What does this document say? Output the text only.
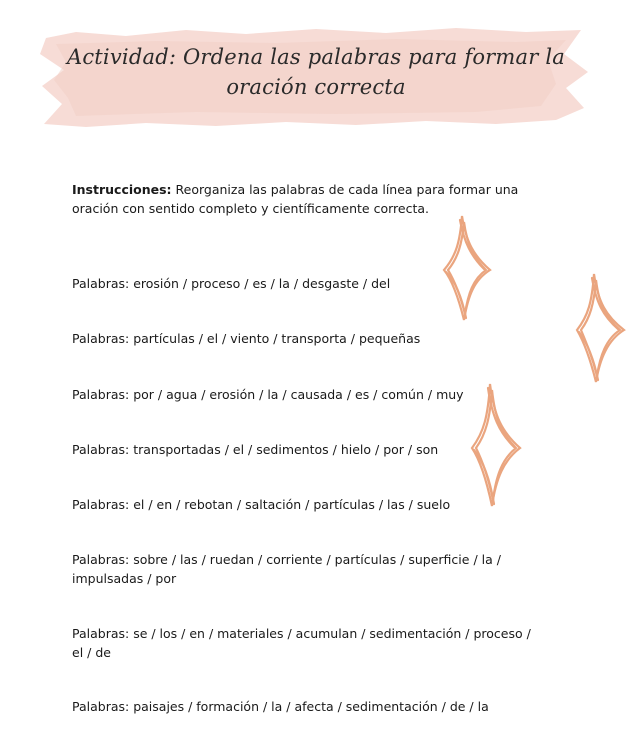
Actividad: Ordena las palabras para formar la
oración correcta
Instrucciones: Reorganiza las palabras de cada línea para formar una oración con sentido completo y científicamente correcta.
Palabras: erosión / proceso / es / la / desgaste / del
Palabras: partículas / el / viento / transporta / pequeñas
Palabras: por / agua / erosión / la / causada / es / común / muy
Palabras: transportadas / el / sedimentos / hielo / por / son
Palabras: el / en / rebotan / saltación / partículas / las / suelo
Palabras: sobre / las / ruedan / corriente / partículas / superficie / la / impulsadas / por
Palabras: se / los / en / materiales / acumulan / sedimentación / proceso / el / de
Palabras: paisajes / formación / la / afecta / sedimentación / de / la
